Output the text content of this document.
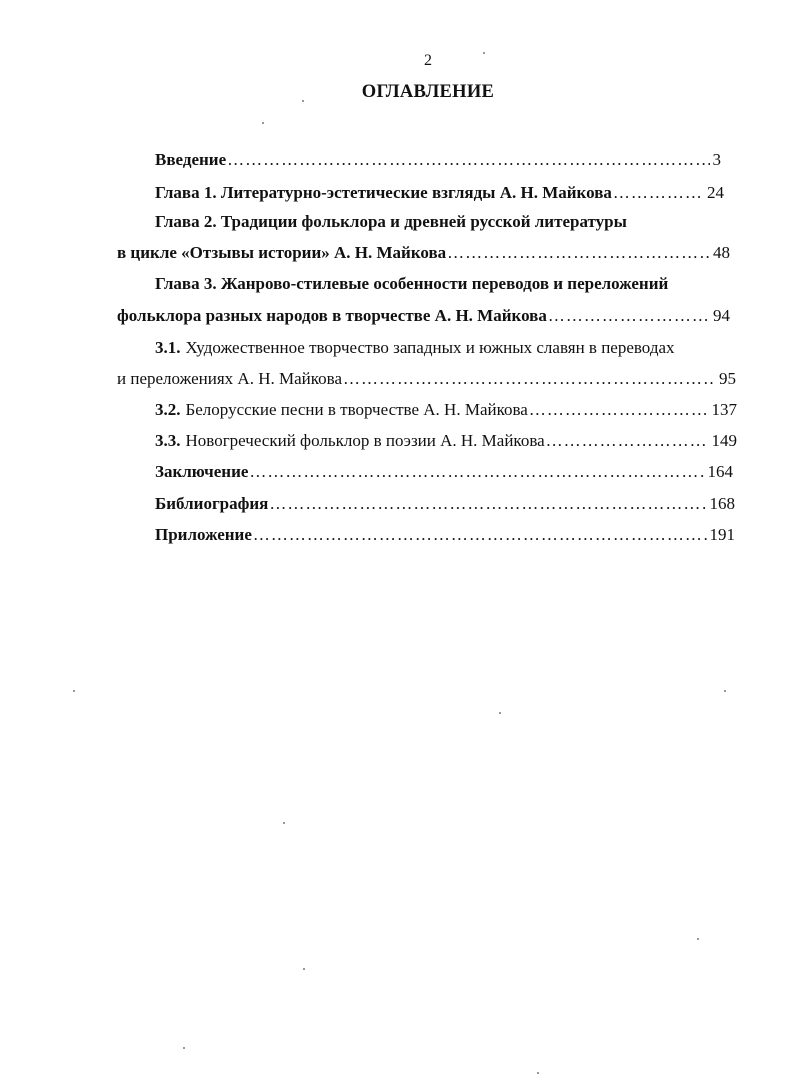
2
ОГЛАВЛЕНИЕ
Введение …………………………………………………………………………………………………………………………………………………………	3
Глава 1. Литературно-эстетические взгляды А. Н. Майкова …………………………………………………………………………………………………………………………………………………………	24
Глава 2. Традиции фольклора и древней русской литературы
в цикле «Отзывы истории» А. Н. Майкова …………………………………………………………………………………………………………………………………………………………	48
Глава 3. Жанрово-стилевые особенности переводов и переложений
фольклора разных народов в творчестве А. Н. Майкова …………………………………………………………………………………………………………………………………………………………	94
3.1. Художественное творчество западных и южных славян в переводах
и переложениях А. Н. Майкова …………………………………………………………………………………………………………………………………………………………	95
3.2. Белорусские песни в творчестве А. Н. Майкова …………………………………………………………………………………………………………………………………………………………	137
3.3. Новогреческий фольклор в поэзии А. Н. Майкова …………………………………………………………………………………………………………………………………………………………	149
Заключение …………………………………………………………………………………………………………………………………………………………	164
Библиография …………………………………………………………………………………………………………………………………………………………	168
Приложение …………………………………………………………………………………………………………………………………………………………	191
